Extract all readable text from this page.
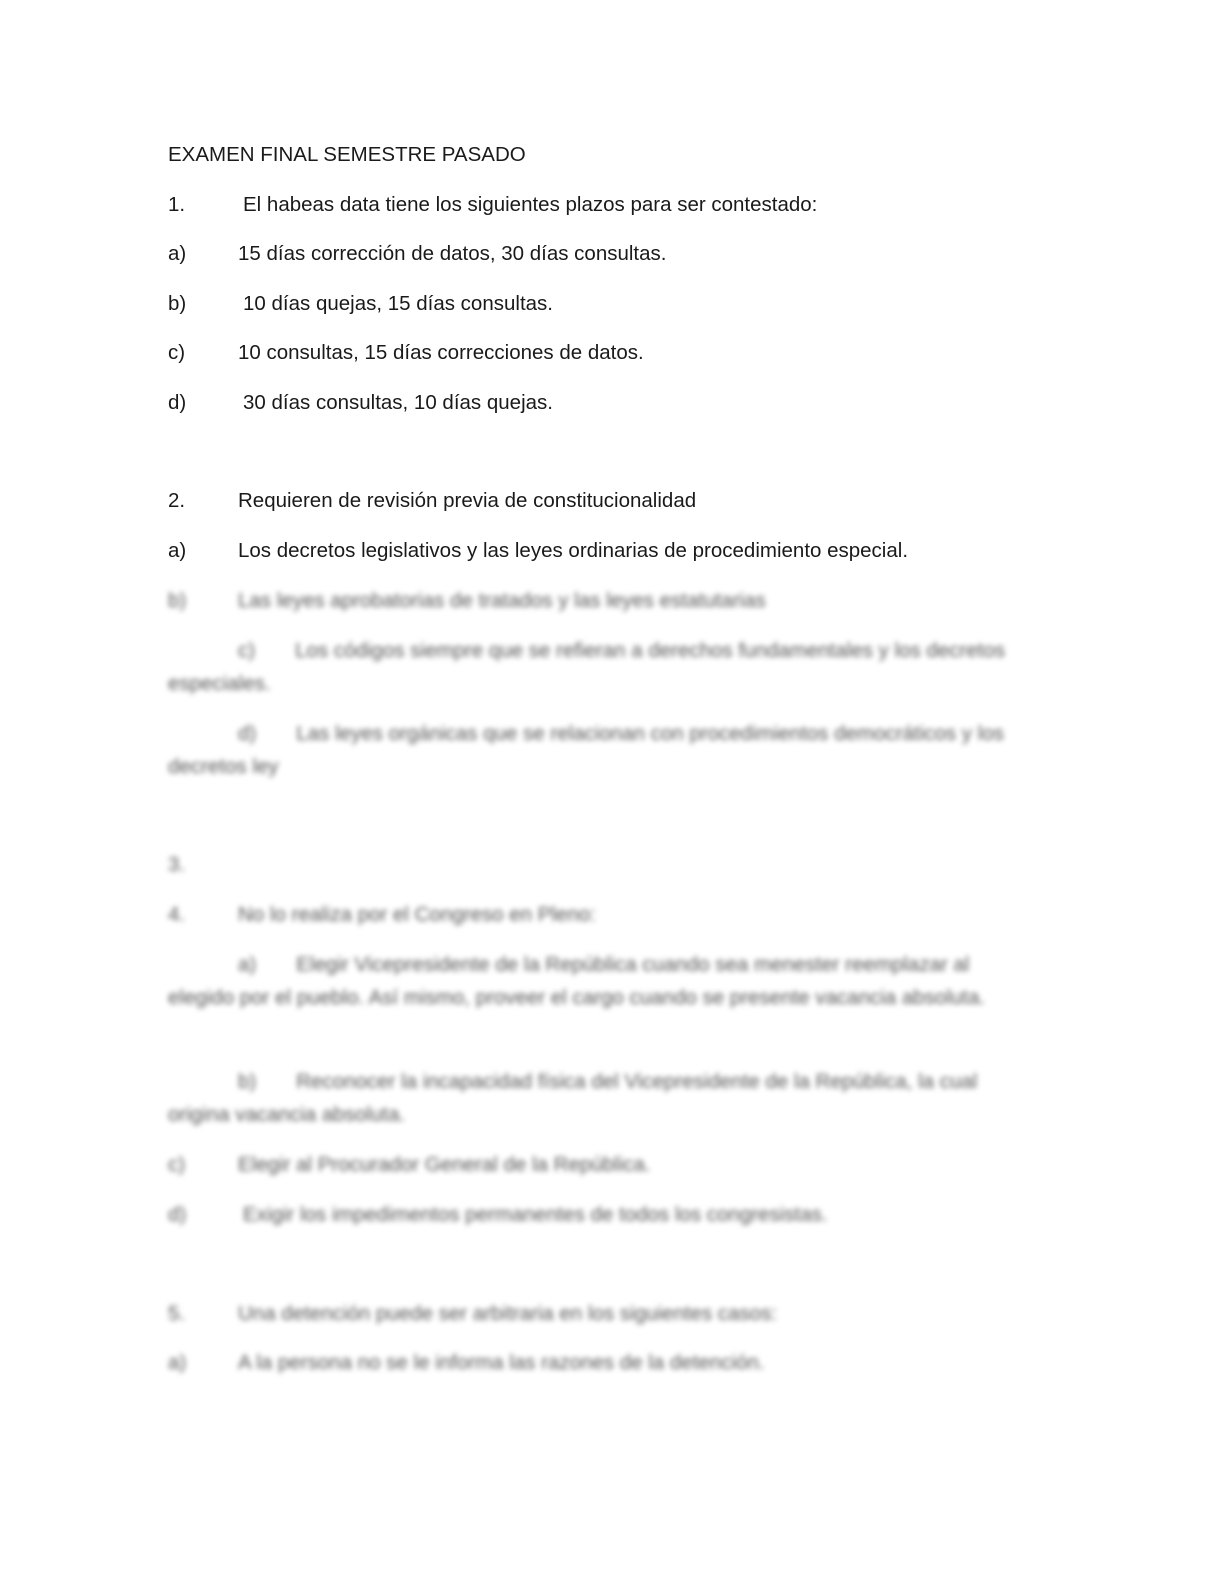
EXAMEN FINAL SEMESTRE PASADO
1.	El habeas data tiene los siguientes plazos para ser contestado:
a)	15 días corrección de datos, 30 días consultas.
b)	10 días quejas, 15 días consultas.
c)	10 consultas, 15 días correcciones de datos.
d)	30 días consultas, 10 días quejas.
2.	Requieren de revisión previa de constitucionalidad
a)	Los decretos legislativos y las leyes ordinarias de procedimiento especial.
b)	Las leyes aprobatorias de tratados y las leyes estatutarias
c) Los códigos siempre que se refieran a derechos fundamentales y los decretos especiales.
d) Las leyes orgánicas que se relacionan con procedimientos democráticos y los decretos ley
3.
4.	No lo realiza por el Congreso en Pleno:
a) Elegir Vicepresidente de la República cuando sea menester reemplazar al elegido por el pueblo. Así mismo, proveer el cargo cuando se presente vacancia absoluta.
b) Reconocer la incapacidad física del Vicepresidente de la República, la cual origina vacancia absoluta.
c)	Elegir al Procurador General de la República.
d)	Exigir los impedimentos permanentes de todos los congresistas.
5.	Una detención puede ser arbitraria en los siguientes casos:
a)	A la persona no se le informa las razones de la detención.
